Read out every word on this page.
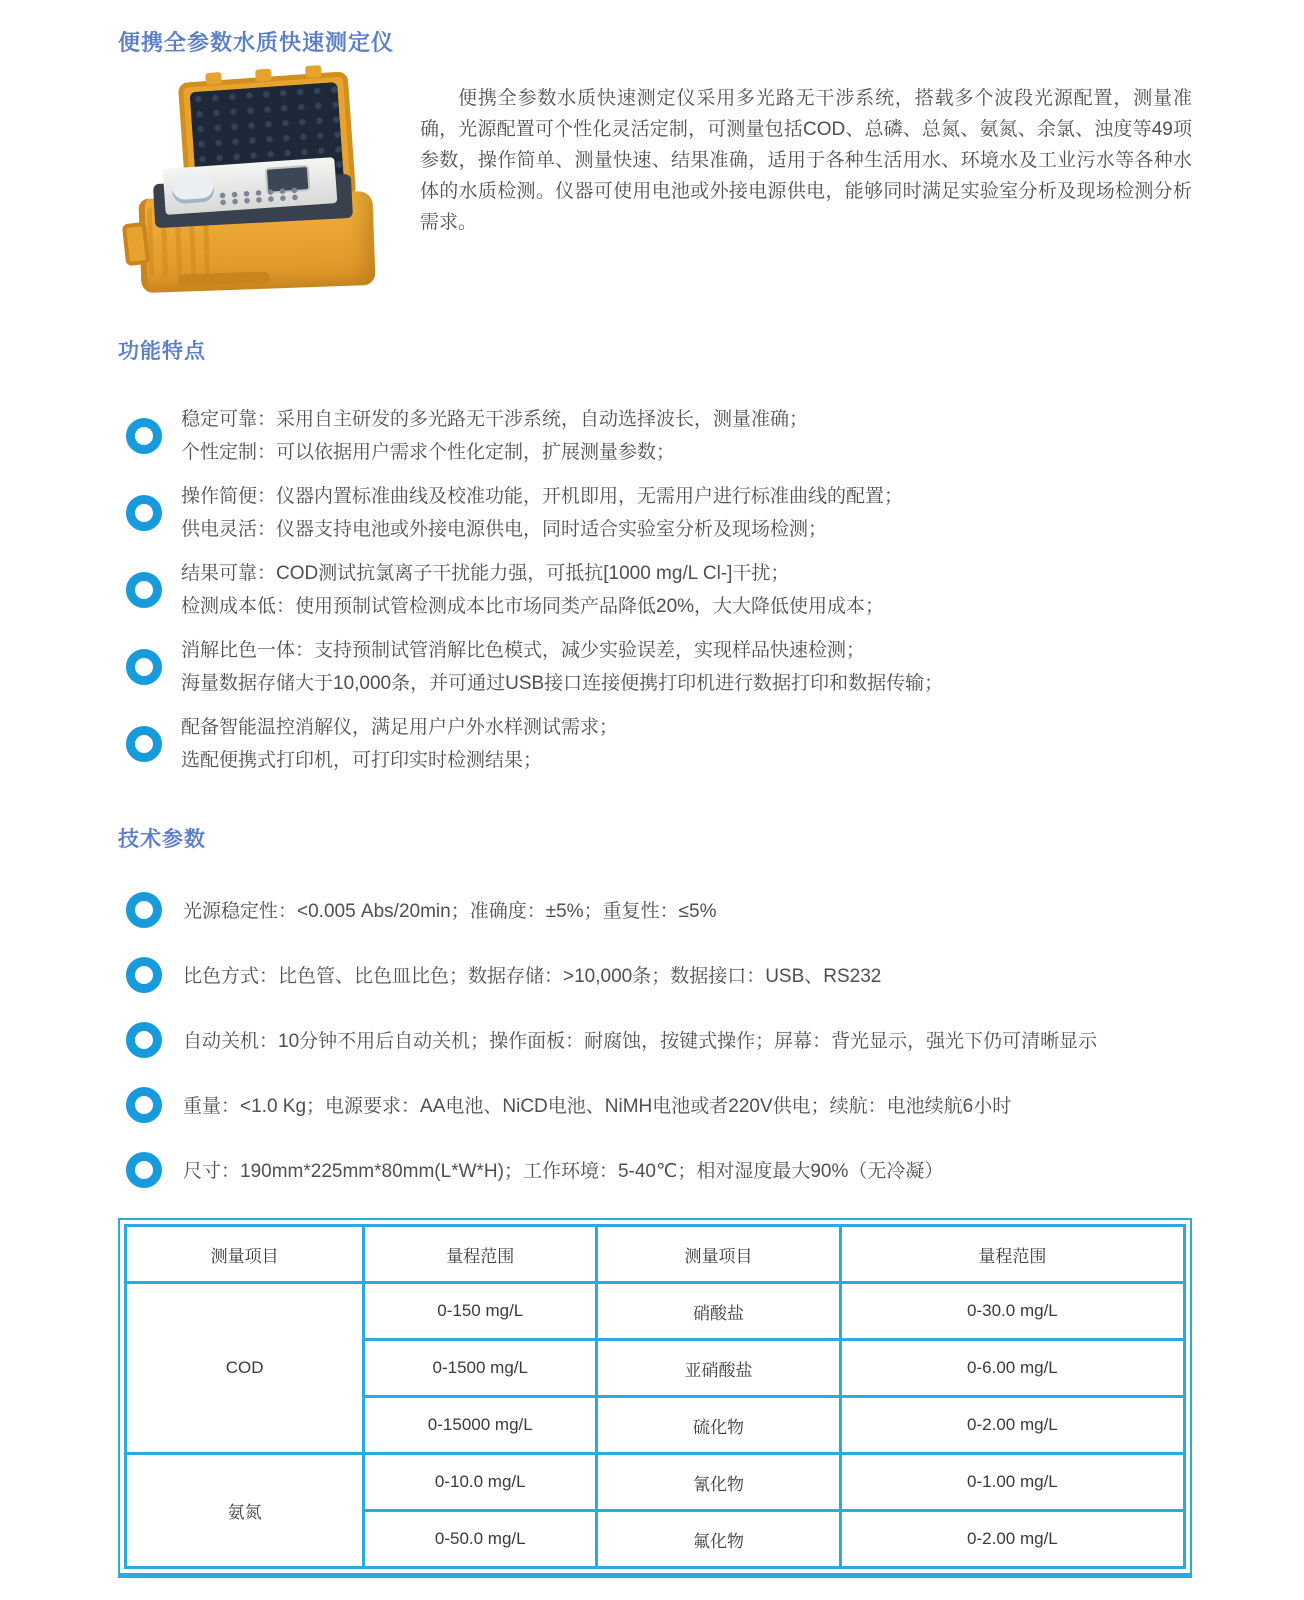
便携全参数水质快速测定仪

便携全参数水质快速测定仪采用多光路无干涉系统，搭载多个波段光源配置，测量准确，光源配置可个性化灵活定制，可测量包括COD、总磷、总氮、氨氮、余氯、浊度等49项参数，操作简单、测量快速、结果准确，适用于各种生活用水、环境水及工业污水等各种水体的水质检测。仪器可使用电池或外接电源供电，能够同时满足实验室分析及现场检测分析需求。

功能特点
稳定可靠：采用自主研发的多光路无干涉系统，自动选择波长，测量准确；
个性定制：可以依据用户需求个性化定制，扩展测量参数；
操作简便：仪器内置标准曲线及校准功能，开机即用，无需用户进行标准曲线的配置；
供电灵活：仪器支持电池或外接电源供电，同时适合实验室分析及现场检测；
结果可靠：COD测试抗氯离子干扰能力强，可抵抗[1000 mg/L Cl-]干扰；
检测成本低：使用预制试管检测成本比市场同类产品降低20%，大大降低使用成本；
消解比色一体：支持预制试管消解比色模式，减少实验误差，实现样品快速检测；
海量数据存储大于10,000条，并可通过USB接口连接便携打印机进行数据打印和数据传输；
配备智能温控消解仪，满足用户户外水样测试需求；
选配便携式打印机，可打印实时检测结果；
技术参数
光源稳定性：<0.005 Abs/20min；准确度：±5%；重复性：≤5%
比色方式：比色管、比色皿比色；数据存储：>10,000条；数据接口：USB、RS232
自动关机：10分钟不用后自动关机；操作面板：耐腐蚀，按键式操作；屏幕：背光显示，强光下仍可清晰显示
重量：<1.0 Kg；电源要求：AA电池、NiCD电池、NiMH电池或者220V供电；续航：电池续航6小时
尺寸：190mm*225mm*80mm(L*W*H)；工作环境：5-40℃；相对湿度最大90%（无冷凝）
测量项目	量程范围	测量项目	量程范围
COD	0-150 mg/L	硝酸盐	0-30.0 mg/L
	0-1500 mg/L	亚硝酸盐	0-6.00 mg/L
	0-15000 mg/L	硫化物	0-2.00 mg/L
氨氮	0-10.0 mg/L	氰化物	0-1.00 mg/L
	0-50.0 mg/L	氟化物	0-2.00 mg/L
